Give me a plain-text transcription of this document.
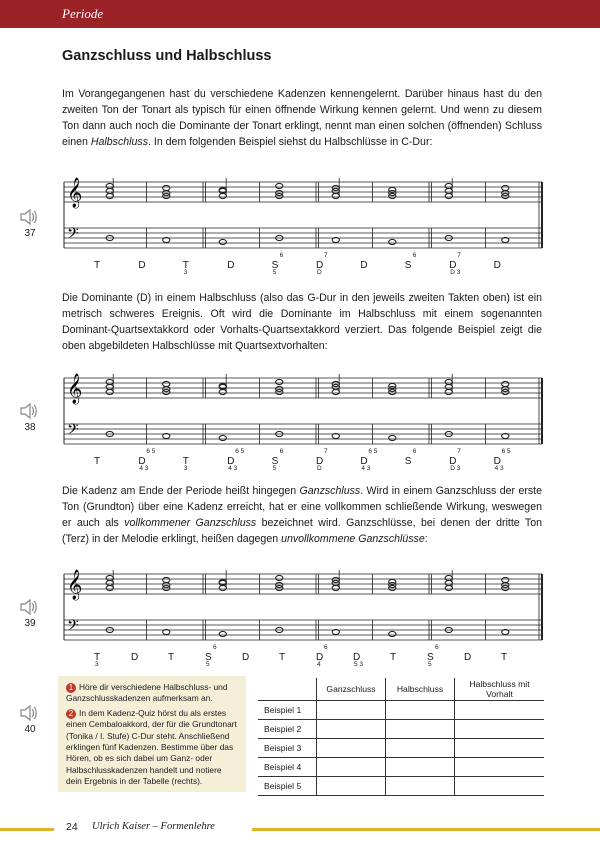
Periode
Ganzschluss und Halbschluss

Im Vorangegangenen hast du verschiedene Kadenzen kennengelernt. Darüber hinaus hast du den zweiten Ton der Tonart als typisch für einen öffnende Wirkung kennen gelernt. Und wenn zu diesem Ton dann auch noch die Dominante der Tonart erklingt, nennt man einen solchen (öffnenden) Schluss einen Halbschluss. In dem folgenden Beispiel siehst du Halbschlüsse in C-Dur:

37
𝄞
𝄢
T	D	T
3
D	S
6
5
D
7
D
D	S
6
D
7
D 3
D

Die Dominante (D) in einem Halbschluss (also das G-Dur in den jeweils zweiten Takten oben) ist ein metrisch schweres Ereignis. Oft wird die Dominante im Halbschluss mit einem sogenannten Dominant-Quartsextakkord oder Vorhalts-Quartsextakkord verziert. Das folgende Beispiel zeigt die oben abgebildeten Halbschlüsse mit Quartsextvorhalten:

38
𝄞
𝄢
T	D
6 5
4 3
T
3
D
6 5
4 3
S
6
5
D
7
D
D
6 5
4 3
S
6
D
7
D 3
D
6 5
4 3

Die Kadenz am Ende der Periode heißt hingegen Ganzschluss. Wird in einem Ganzschluss der erste Ton (Grundton) über eine Kadenz erreicht, hat er eine vollkommen schließende Wirkung, weswegen er auch als vollkommener Ganzschluss bezeichnet wird. Ganzschlüsse, bei denen der dritte Ton (Terz) in der Melodie erklingt, heißen dagegen unvollkommene Ganzschlüsse:

39
𝄞
𝄢
T
3
D	T	S
6
5
D	T	D
6
4
D
5 3
T	S
6
5
D	T
40

1 Höre dir verschiedene Halbschluss- und Ganzschlusskadenzen aufmerksam an.

2 In dem Kadenz-Quiz hörst du als erstes einen Cembaloakkord, der für die Grundtonart (Tonika / I. Stufe) C-Dur steht. Anschließend erklingen fünf Kadenzen. Bestimme über das Hören, ob es sich dabei um Ganz- oder Halbschlusskadenzen handelt und notiere dein Ergebnis in der Tabelle (rechts).

	Ganzschluss	Halbschluss	Halbschluss mit Vorhalt
Beispiel 1			
Beispiel 2			
Beispiel 3			
Beispiel 4			
Beispiel 5			
24 Ulrich Kaiser – Formenlehre
